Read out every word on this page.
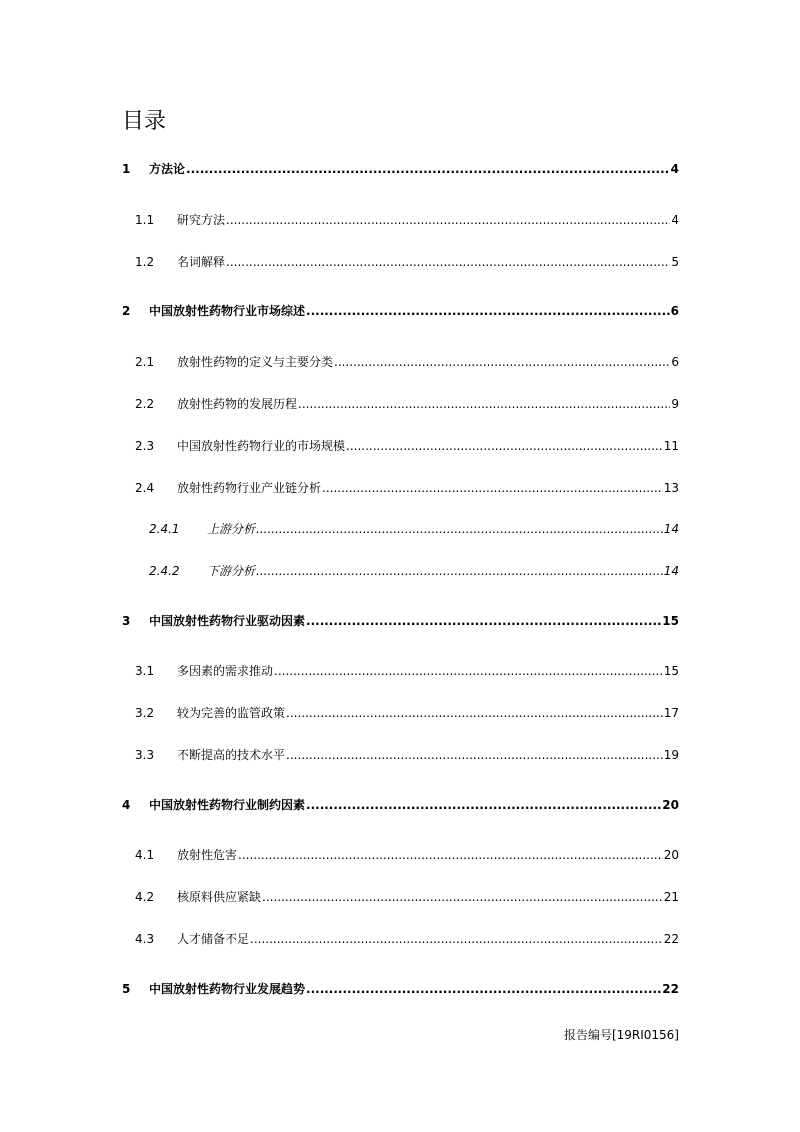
目录
1	方法论 .....	4
1.1	研究方法 .....	4
1.2	名词解释 .....	5
2	中国放射性药物行业市场综述 .....	6
2.1	放射性药物的定义与主要分类 .....	6
2.2	放射性药物的发展历程 .....	9
2.3	中国放射性药物行业的市场规模 .....	11
2.4	放射性药物行业产业链分析 .....	13
2.4.1	上游分析 .....	14
2.4.2	下游分析 .....	14
3	中国放射性药物行业驱动因素 .....	15
3.1	多因素的需求推动 .....	15
3.2	较为完善的监管政策 .....	17
3.3	不断提高的技术水平 .....	19
4	中国放射性药物行业制约因素 .....	20
4.1	放射性危害 .....	20
4.2	核原料供应紧缺 .....	21
4.3	人才储备不足 .....	22
5	中国放射性药物行业发展趋势 .....	22
报告编号[19RI0156]
